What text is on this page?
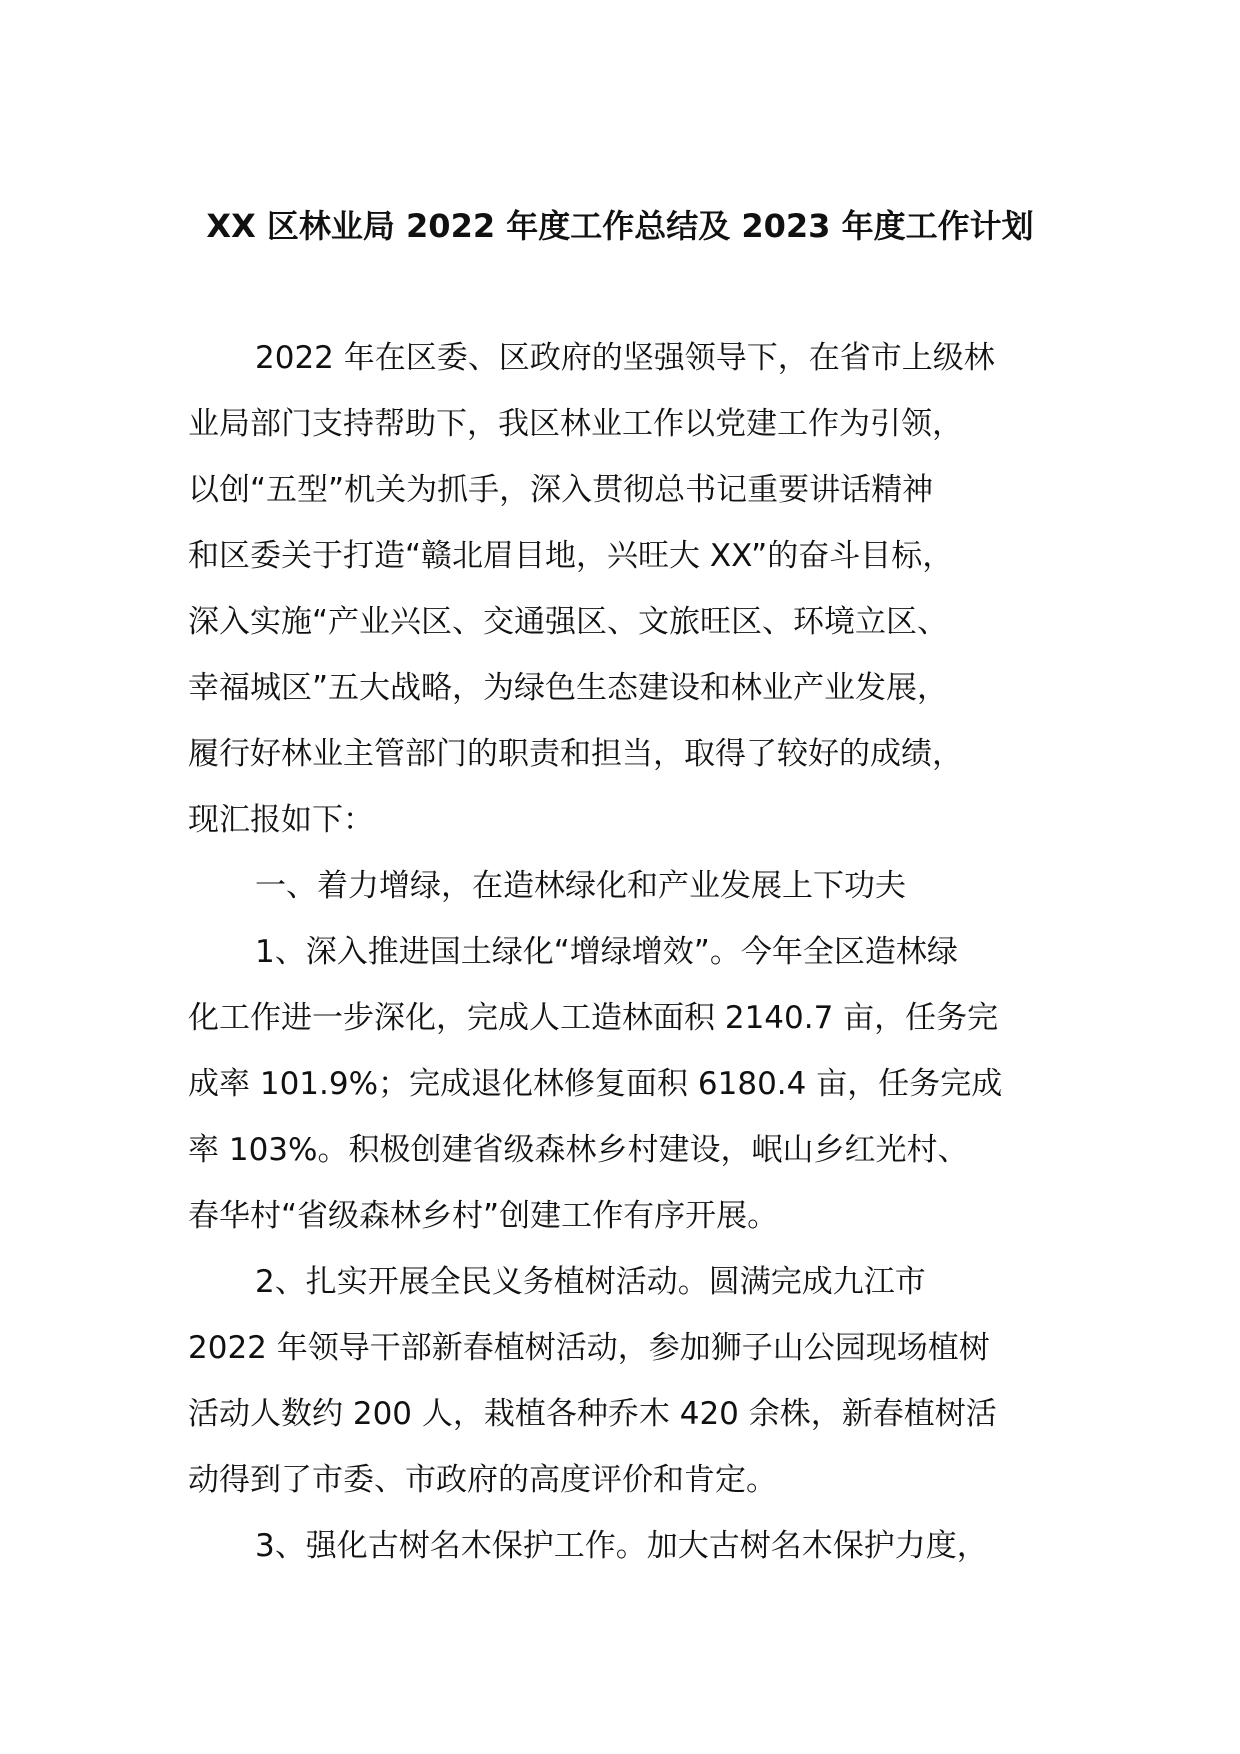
XX 区林业局 2022 年度工作总结及 2023 年度工作计划
2022 年在区委、区政府的坚强领导下，在省市上级林
业局部门支持帮助下，我区林业工作以党建工作为引领，
以创“五型”机关为抓手，深入贯彻总书记重要讲话精神
和区委关于打造“赣北眉目地，兴旺大 XX”的奋斗目标，
深入实施“产业兴区、交通强区、文旅旺区、环境立区、
幸福城区”五大战略，为绿色生态建设和林业产业发展，
履行好林业主管部门的职责和担当，取得了较好的成绩，
现汇报如下：
一、着力增绿，在造林绿化和产业发展上下功夫
1、深入推进国土绿化“增绿增效”。今年全区造林绿
化工作进一步深化，完成人工造林面积 2140.7 亩，任务完
成率 101.9%；完成退化林修复面积 6180.4 亩，任务完成
率 103%。积极创建省级森林乡村建设，岷山乡红光村、
春华村“省级森林乡村”创建工作有序开展。
2、扎实开展全民义务植树活动。圆满完成九江市
2022 年领导干部新春植树活动，参加狮子山公园现场植树
活动人数约 200 人，栽植各种乔木 420 余株，新春植树活
动得到了市委、市政府的高度评价和肯定。
3、强化古树名木保护工作。加大古树名木保护力度，
